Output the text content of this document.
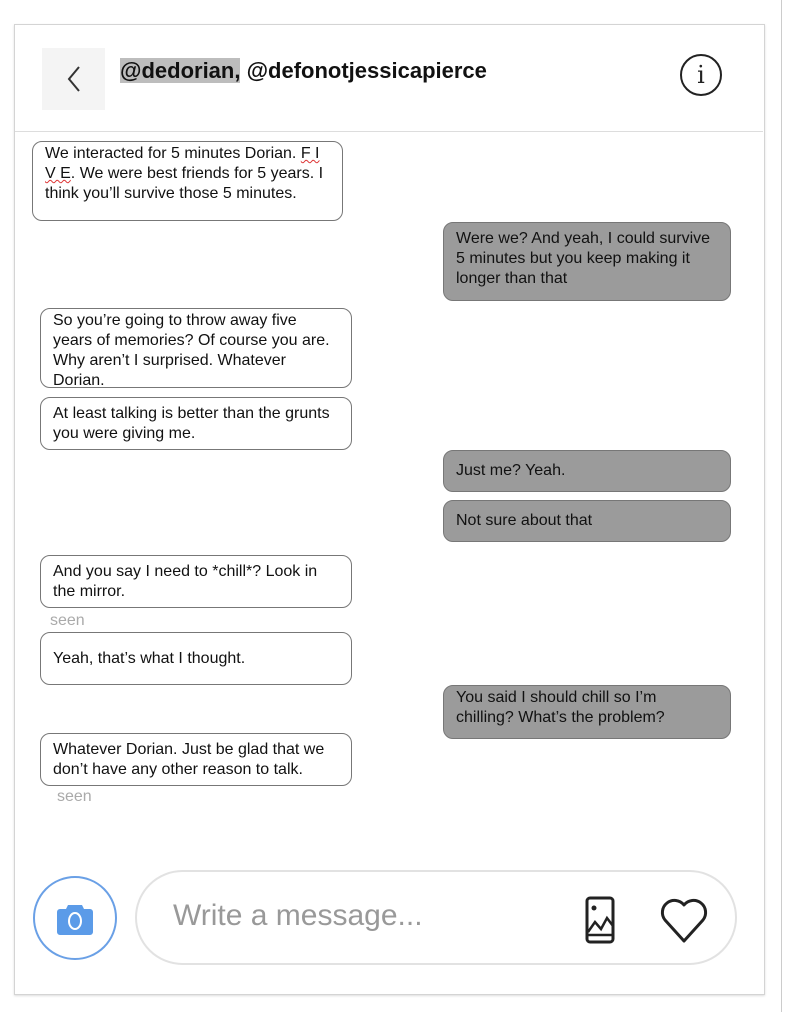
@dedorian, @defonotjessicapierce	i
We interacted for 5 minutes Dorian. F I V E. We were best friends for 5 years. I think you’ll survive those 5 minutes.
Were we? And yeah, I could survive 5 minutes but you keep making it longer than that
So you’re going to throw away five years of memories? Of course you are. Why aren’t I surprised. Whatever Dorian.
At least talking is better than the grunts you were giving me.
Just me? Yeah.
Not sure about that
And you say I need to *chill*? Look in the mirror.
seen
Yeah, that’s what I thought.
You said I should chill so I’m chilling? What’s the problem?
Whatever Dorian. Just be glad that we don’t have any other reason to talk.
seen
Write a message...
